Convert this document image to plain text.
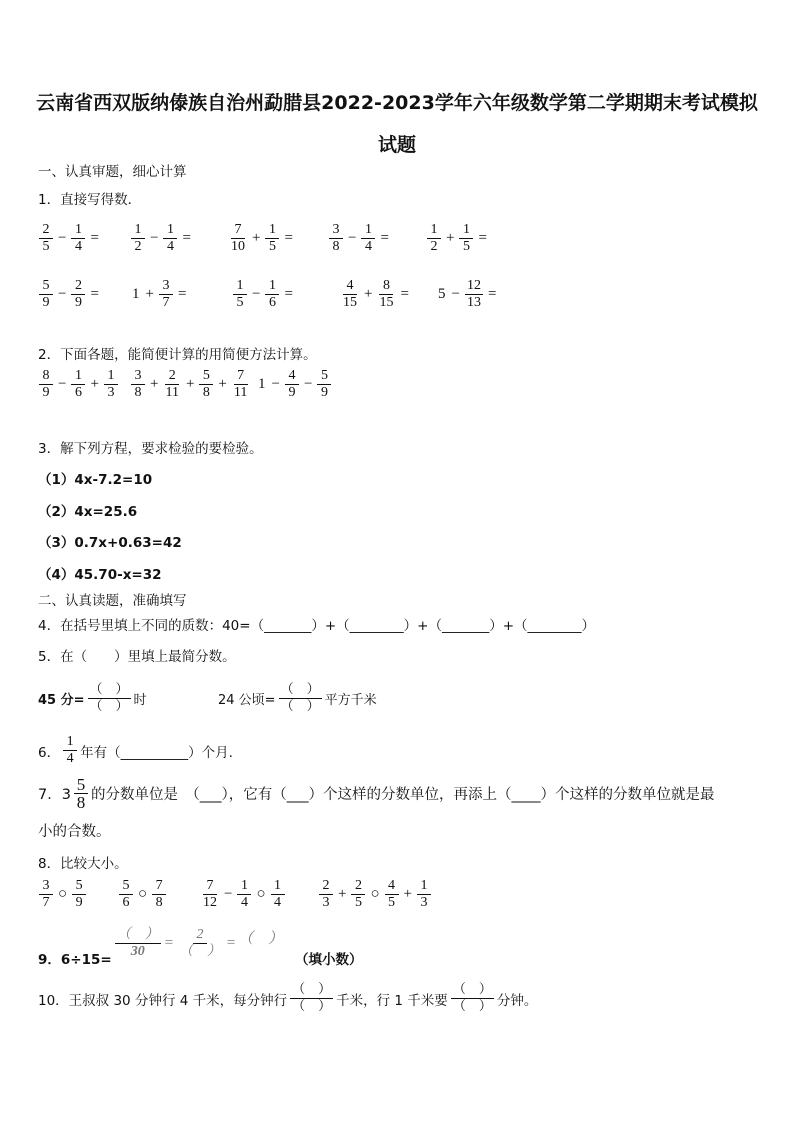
云南省西双版纳傣族自治州勐腊县2022-2023学年六年级数学第二学期期末考试模拟
试题
一、认真审题，细心计算
1．直接写得数．
$\frac{2}{5} - \frac{1}{4} = \frac{1}{2} - \frac{1}{4}$ =	$\frac{7}{10} + \frac{1}{5}$ =	$\frac{3}{8} - \frac{1}{4}$ =	$\frac{1}{2} + \frac{1}{5}$ =
$\frac{5}{9} - \frac{2}{9} = 1 + \frac{3}{7}$ =	$\frac{1}{5} - \frac{1}{6}$ =	$\frac{4}{15} + \frac{8}{15} = 5 - \frac{12}{13}$ =
2．下面各题，能简便计算的用简便方法计算。
$\frac{8}{9} - \frac{1}{6} + \frac{1}{3} \frac{3}{8} + \frac{2}{11} + \frac{5}{8} + \frac{7}{11} 1 - \frac{4}{9} - \frac{5}{9}$
3．解下列方程，要求检验的要检验。
（1）4x-7.2=10
（2）4x=25.6
（3）0.7x+0.63=42
（4）45.70-x=32
二、认真读题，准确填写
4．在括号里填上不同的质数：40=（_______）+（________）+（_______）+（________）
5．在（　　）里填上最简分数。
45 分= $\frac{( )}{( )}$ 时	24 公顷= $\frac{( )}{( )}$ 平方千米
6． $\frac{1}{4}$ 年有（__________）个月.
7．$3 \frac{5}{8}$ 的分数单位是　（___），它有（___）个这样的分数单位，再添上（____）个这样的分数单位就是最
小的合数。
8．比较大小。
$\frac{3}{7}$ ○ $\frac{5}{9} \frac{5}{6}$ ○ $\frac{7}{8} \frac{7}{12} - \frac{1}{4}$ ○ $\frac{1}{4} \frac{2}{3} + \frac{2}{5}$ ○ $\frac{4}{5} + \frac{1}{3}$
9．6÷15=
$\frac{( )}{30} = \frac{2}{( )}$ = （　）
（填小数）
10．王叔叔 30 分钟行 4 千米，每分钟行 $\frac{( )}{( )}$ 千米，行 1 千米要 $\frac{( )}{( )}$ 分钟。
